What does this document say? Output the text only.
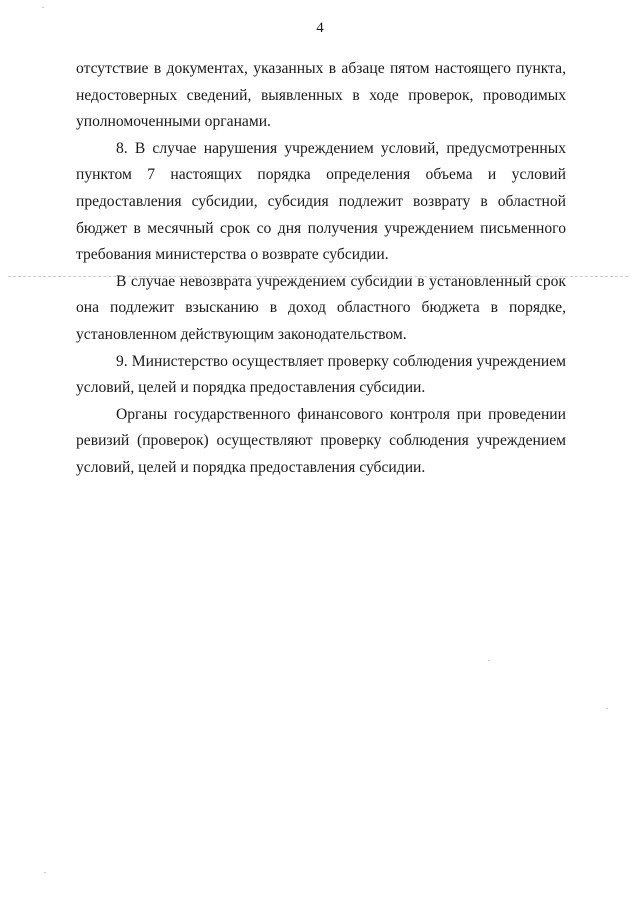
4

отсутствие в документах, указанных в абзаце пятом настоящего пункта, недостоверных сведений, выявленных в ходе проверок, проводимых уполномоченными органами.

8. В случае нарушения учреждением условий, предусмотренных пунктом 7 настоящих порядка определения объема и условий предоставления субсидии, субсидия подлежит возврату в областной бюджет в месячный срок со дня получения учреждением письменного требования министерства о возврате субсидии.

В случае невозврата учреждением субсидии в установленный срок она подлежит взысканию в доход областного бюджета в порядке, установленном действующим законодательством.

9. Министерство осуществляет проверку соблюдения учреждением условий, целей и порядка предоставления субсидии.

Органы государственного финансового контроля при проведении ревизий (проверок) осуществляют проверку соблюдения учреждением условий, целей и порядка предоставления субсидии.
